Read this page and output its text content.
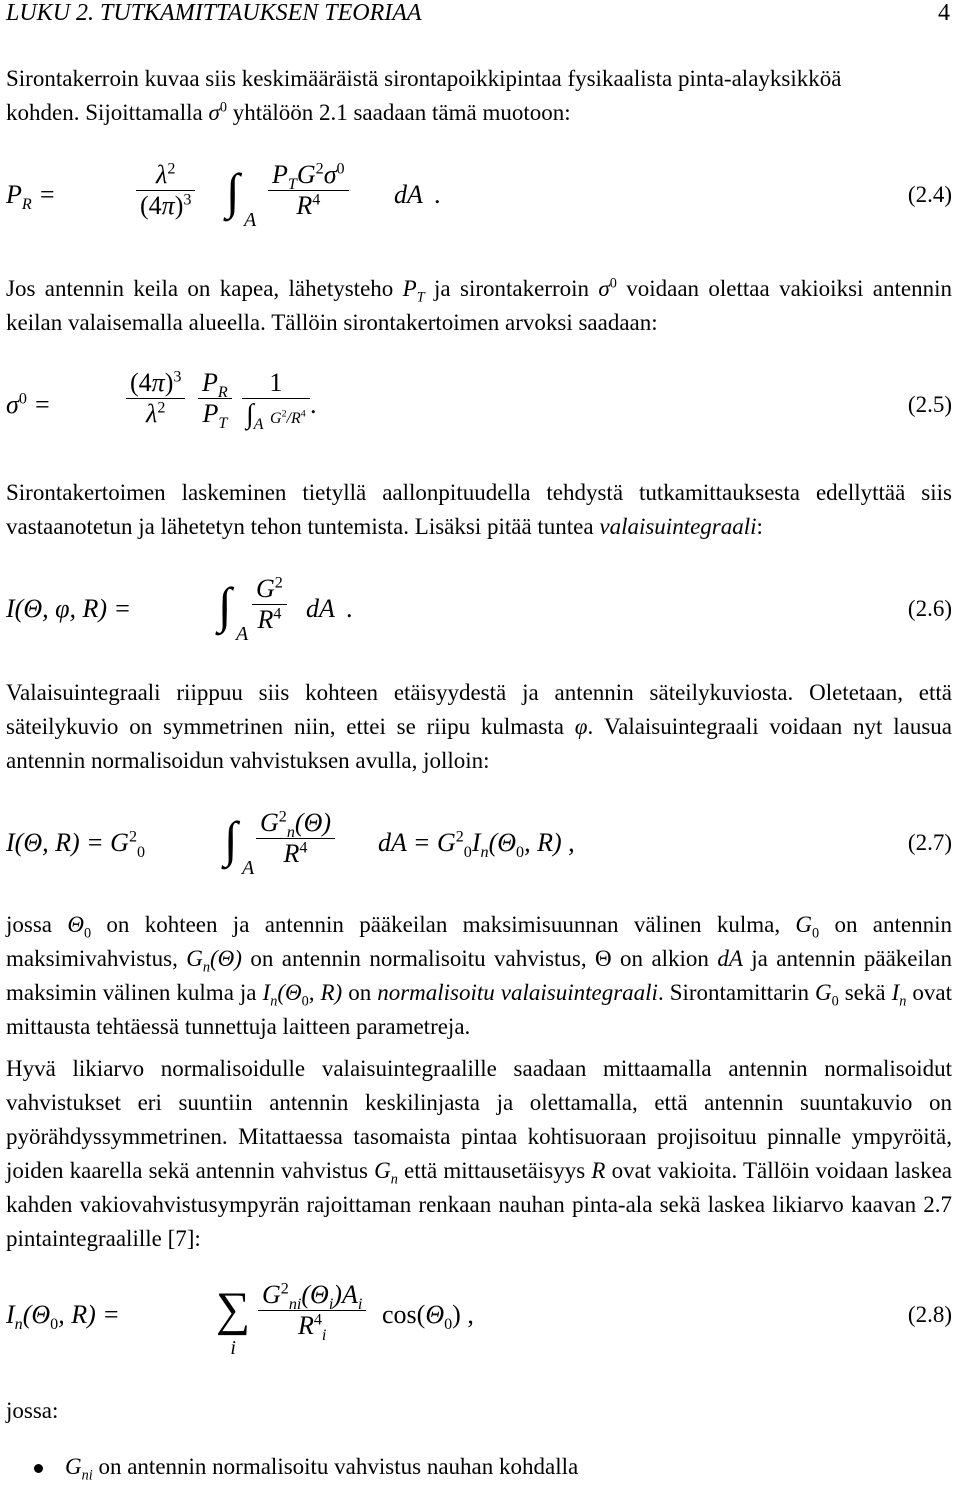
LUKU 2. TUTKAMITTAUKSEN TEORIAA	4
Sirontakerroin kuvaa siis keskimääräistä sirontapoikkipintaa fysikaalista pinta-alayksikköä
kohden. Sijoittamalla $\sigma^0$ yhtälöön 2.1 saadaan tämä muotoon:
$P_R$ =	$\frac{\lambda^2}{(4\pi)^3}$ ∫
A
$P_TG^2\sigma^0$
$R^4$	dA .	(2.4)
Jos antennin keila on kapea, lähetysteho $P_T$ ja sirontakerroin $\sigma^0$ voidaan olettaa vakioiksi antennin keilan valaisemalla alueella. Tällöin sirontakertoimen arvoksi saadaan:
$\sigma^0$ =	$\frac{(4\pi)^3}{\lambda^2} \frac{P_R}{P_T} \frac{1}{\int_A G^2/R^4}$ .	(2.5)
Sirontakertoimen laskeminen tietyllä aallonpituudella tehdystä tutkamittauksesta edellyttää siis vastaanotetun ja lähetetyn tehon tuntemista. Lisäksi pitää tuntea valaisuintegraali:
I(Θ, φ, R) = ∫
A $\frac{G^2}{R^4}$ dA .	(2.6)
Valaisuintegraali riippuu siis kohteen etäisyydestä ja antennin säteilykuviosta. Oletetaan, että säteilykuvio on symmetrinen niin, ettei se riipu kulmasta φ. Valaisuintegraali voidaan nyt lausua antennin normalisoidun vahvistuksen avulla, jolloin:
I(Θ, $R) = G^2_0$ ∫
A $\frac{G^2_n(\Theta)}{R^4}$ dA = $G^2_0I_n(\Theta_0$, R) ,	(2.7)
jossa $\Theta_0$ on kohteen ja antennin pääkeilan maksimisuunnan välinen kulma, $G_0$ on antennin maksimivahvistus, $G_n(\Theta)$ on antennin normalisoitu vahvistus, Θ on alkion dA ja antennin pääkeilan maksimin välinen kulma ja $I_n(\Theta_0$, R) on normalisoitu valaisuintegraali. Sirontamittarin $G_0$ sekä $I_n$ ovat mittausta tehtäessä tunnettuja laitteen parametreja.
Hyvä likiarvo normalisoidulle valaisuintegraalille saadaan mittaamalla antennin normalisoidut vahvistukset eri suuntiin antennin keskilinjasta ja olettamalla, että antennin suuntakuvio on pyörähdyssymmetrinen. Mitattaessa tasomaista pintaa kohtisuoraan projisoituu pinnalle ympyröitä, joiden kaarella sekä antennin vahvistus $G_n$ että mittausetäisyys R ovat vakioita. Tällöin voidaan laskea kahden vakiovahvistusympyrän rajoittaman renkaan nauhan pinta-ala sekä laskea likiarvo kaavan 2.7 pintaintegraalille [7]:
$I_n(\Theta_0$, R) = ∑
i
$\frac{G^2_{ni}(\Theta_i)A_i}{R^4_i} \cos(\Theta_0)$ ,	(2.8)
jossa:
$G_{ni}$ on antennin normalisoitu vahvistus nauhan kohdalla
